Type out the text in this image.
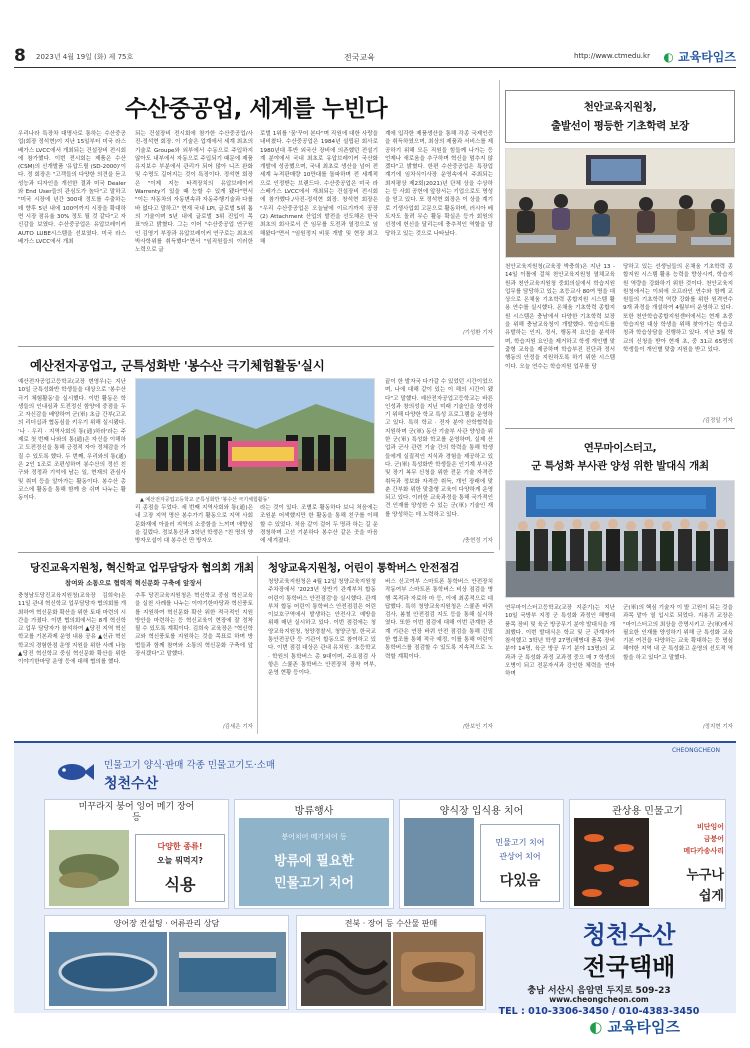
8 2023년 4월 19일 (화) 제 75호	전국교육	http://www.ctmedu.kr ◐ 교육타임즈
수산중공업, 세계를 누빈다
우리나라 특장차 대명사로 통하는 수산중공업(회장 정석현)이 지난 15일부터 미국 라스베가스 LVCC에서 개최되는 건설장비 전시회에 참가했다. 이번 전시회는 제품은 수산(CSM)의 신개발품 '유압드릴 (SD-2000)'이다. 정 회장은 "고객들의 다양한 의견을 듣고 성능과 디자인을 개선한 결과 미국 Dealer와 End User들의 관심도가 높다"고 말하고 "미국 시장에 년간 300대 정도를 수출하는데 향후 5년 내에 100여까지 시장을 확대하면 시장 점유율 30% 정도 될 것 같다"고 자신감을 보였다. 수산중공업은 유압브레이커 AUTO LUBE시스템을 선보였다. 미국 라스베가스 LVCC에서 개최
되는 건설장비 전시회에 참가한 수산중공업/사진-정석현 회장. 이 기술은 업계에서 세계 최초의 기술로 Groupe와 외부에서 수동으로 주입하지 않아도 내부에서 자동으로 주입되기 때문에 제품 유지보수 부분에서 관리가 되어 많아 니즈 완화 및 수명도 길어지는 것이 특징이다. 정석현 회장은 "이제 지능 타격장치의 유압브레이커 Warrenty기 있을 때 능할 수 있게 됐다"면서 "이는 자동차의 자동변속과 자동주행기술과 다를바 없다고 말하고" 현재 국내 LPI, 글로벌 5위 톱의 기술이며 5년 내에 글로벌 3위 진입이 목표"라고 밝혔다. 그는 이어 "수산중공업 연구원인 김영기 부장과 유압브레이커 연구로는 최초의 박사학위를 취득했다"면서 "임직원들의 이러한 노력으로 글
로벌 1위를 '꿈'꾸어 본다"며 직원에 대한 사랑을 내비쳤다. 수산중공업은 1984년 설립된 회사로 1980년대 후반 외국산 장비에 의존했던 전설기계 분야에서 국내 최초로 유압브레이커 국산화 개발에 성공했으며, 국내 최초로 생산을 넘어 전 세계 누적판매량 10만대를 돌파하며 전 세계적으로 인정받는 브랜드다. 수산중공업은 미국 라스베가스 LVCC에서 개최되는 건설장비 전시회에 참가했다./사진-정석현 회장. 창석현 회장은 "우리 수산중공업은 오늘날에 이르기까지 공장(2) Attachment 산업의 발전을 선도해온 한국 최초의 회사로서 큰 임무를 도전과 열정으로 임해왔다"면서 "임원정지 비롯 개발 및 현장 최고해
계에 입각한 제품생산을 통해 각종 국제인증을 취득하였으며, 최상의 제품과 서비스를 제공하기 위해 모든 직원들 힘들께 나가는 등 언제나 새로움을 추구하며 혁신을 멈추지 않겠다"고 밝혔다. 한편 수산중공업은 특장업계기에 임차식이사장 운영속에서 주최되는 최저평상 제2회(2021)년 단체 상을 수상하는 등 사회 공헌에 앞장서는 기업으로도 명성을 얻고 있다. 또 정석현 회장은 이 상을 계기로 기생사업회 고문으로 활동하며, 러시아 베트자도 돌려 무슨 활동 확실은 등가 회원의 선정에 헌신을 달리는데 충추적인 역할을 담당하고 있는 것으로 나타났다.
/기성환 기자
천안교육지원청,
출발선이 평등한 기초학력 보장
천안교육지원청(교육장 박충희)은 지난 13 - 14일 이틀에 걸쳐 천안교육지원청 열채교육원과 천안교육지원청 중회의실에서 학습지원 업무를 담당하고 있는 초등교사 80여 명을 대상으로 온채움 기초학력 종합지원 시스템 활용 연수를 실시했다. 온채움 기초학력 종합지원 시스템은 충남에서 다양한 기초학력 보장을 위해 충남교육청이 개발했다. 학습지도를 유발하는 인지, 정서, 행동적 요인을 분석하며, 학습지원 요인을 제거하고 학생 개인별 맞춤형 교육을 제공하며 학습부진 진단과 정서행동의 안정을 지원하도록 하기 위한 시스템이다. 오늘 연수는 학습지원 업무를 담
당하고 있는 선생님들의 온채움 기초학력 종합지원 시스템 활용 능력을 향상시켜, 학습지원 역량을 강화하기 위한 것이다. 천안교육지원청에서는 이외에 오프라인 연수와 함께 교원들의 기초학력 역량 강화를 위한 원격연수 9개 과정을 개설하여 4월부터 운영하고 있다. 또한 천안학습종합지원센터에서는 현재 초중 학습지원 대상 학생을 위해 찾아가는 학습코칭과 학습상담을 진행하고 있다. 지난 3월 학교의 신청을 받아 현재 초, 중 31교 65명의 학생들이 개인별 맞춤 지원을 받고 있다.
/김정일 기자
연무마이스터고,
군 특성화 부사관 양성 위한 발대식 개최
연무마이스터고등학교(교장 지준기)는 지난 10일 국방부 지정 군 특성화 과정인 해병대 품목 장비 및 육군 방공무기 분야 발대식을 개최했다. 이번 발대식은 학교 및 군 관계자가 참석했고 3학년 학생 27명(해병대 품목 장비 분야 14명, 육군 방공 무기 분야 13명)의 교과과 군 특성화 과정 교과정 중으 매 7 학생의 오병이 되고 전문자서과 강인한 체력을 연마하며
군(軍)의 핵심 기술자 이 밭 고원이 되는 것을 과목 맡아 열 입시로 되었다. 지용귀 교장은 "마이스터고의 최상을 증명시키고 군(軍)에서 필요한 인재를 양성하기 위해 군 특성화 교육 기본 여건을 다양하는 교육 확대하는 등 명심해야한 지역 내 군 특성화고 운영의 선도적 역할을 하고 있다"고 말했다.
/정지현 기자
예산전자공업고, 군특성화반 '봉수산 극기체험활동'실시
예산전자공업고등학교(교장 변영우)는 지난 10일 군특성화반 학생들을 대상으로 '봉수산 극기 체험활동'을 실시했다. 이번 활동은 학생들의 인내심과 도전정신 함양에 중점을 두고 자신감을 배양하여 군(軍) 초급 간부(고교의 리더십과 협동심을 키우기 위해 실시됐다. '나 · 우리 · 지역사회의 통(通)하라'라는 주제로 첫 번째 나와의 통(通)은 자신을 이해하고 도전정신을 통해 긍정적 자아 정체감을 가질 수 있도록 했다. 두 번째, 우리와의 통(通)은 2인 1조로 조편성하여 봉수산의 정선 친구와 정정과 기억에 남는 일, 현재의 관심사 및 취미 등을 알아가는 활동이다. 봉수산 총 코스에 활동을 통해 함께 숨 쉬며 나누는 활동이다.	▲ 예산전자공업고등학교 군특성화반 '봉수산 극기체험활동'
리 종점을 두었다. 세 번째 지역사회와 통(通)은 내 고장 지역 명산 봉수가기 활동으로 지역 사회문화재에 아울러 지역의 소중함을 느끼며 애향심을 길렀다. 정보통신과 3학년 학생은 "친 명의 양 방자오설이 대 봉수산 만 방자오
라는 것이 있다. 조별로 활동하다 보니 처음에는 조원분 어색했지만 한 활동을 통해 친구를 이해할 수 있었다. 처음 같이 걸어 두 명과 하는 길 운 경청하며 고선 기분하다 봉수산 같은 곳을 마음에 새겨졌다.
끝이 한 발자국 다가갈 수 있었던 시간이었으며, 나에 대해 같이 있는 이 해의 시간이 됐다"고 말했다. 예산전자공업고등학교는 바른 인성과 창의성을 지닌 미래 기술인을 양성하기 위해 다양한 학교 특성 프로그램을 운영하고 있다. 특히 학교 · 전자 분야 산학협력을 지원하며 군(軍) 동산 기술부 사관 양성을 위한 군(軍) 특성화 학교를 운영하며, 실제 산업과 군사 관련 기술 간의 학력을 통해 학생들에게 실질적인 지식과 경험을 제공하고 있다. 군(軍) 특성화반 학생들은 인기계 부사관 및 장기 복무 신청을 위한 전문 기술 자격증 취득과 정보화 자격증 취득, 개인 장래에 맞춘 간부화 위한 맞춤형 교육이 다양하게 운영되고 있다. 이러한 교육과정을 통해 국가적인 견 인재를 양성한 수 있는 군(軍) 기술인 재를 양성하는 데 노력하고 있다.
/충현정 기자
당진교육지원청, 혁신학교 업무담당자 협의회 개최
참여와 소통으로 협력적 혁신문화 구축에 앞장서
충청남도당진교육지원청(교육장 김희숙)은 11일 관내 혁신학교 업무담당자 협의회를 개최하여 혁신문화 확산을 위한 토대 마련의 시간을 가졌다. 이번 협의회에서는 8개 혁신학교 업무 담당자가 참석하여 ▲당진 지역 혁신학교를 기본과제 운영 내용 공유 ▲신규 혁신학교의 경험한점 운영 지원을 위한 사례 나눔 ▲당진 혁신학교 중심 혁신문화 확산을 위한 이야기한마당 운영 등에 대해 협의를 했다.
추후 당진교육지원청은 혁신학교 중심 혁신교육을 실천 사례를 나누는 이야기한마당과 혁신풍토를 지원하여 혁신문화 확산 위한 적극적인 지원 방안을 마련하는 등 혁신교육이 현장에 잘 정착될 수 있도록 계획이다. 김희숙 교육장은 "혁신학교와 혁신풍토를 지원하는 것을 목표로 하며 방법들과 함께 참여와 소통의 혁신문화 구축에 앞장서겠다"고 말했다.
/김세은 기자
청양교육지원청, 어린이 통학버스 안전점검
청양교육지원청은 4월 12일 청양교육지원청 주차장에서 '2023년 상반기 관계부처 합동 어린이 통학버스 안전점검'을 실시했다. 관계부처 합동 어린이 통학버스 안전점검은 어린이보호구역에서 발생하는 안전사고 예방을 위해 매년 실시하고 있다. 이번 점검에는 청양교육지원청, 청양경찰서, 청양군청, 한국교통안전공단 등 기관이 합동으로 참여하고 있다. 이번 점검 대상은 관내 유치원 · 초등학교 · 학원의 통학버스 총 9대이며, 주요점검 사항은 스쿨존 통학버스 안전장치 장착 여부, 운영 현황 등이다.
버스 신고여부 스마트폰 통학버스 안전장치 작동여부 스마트폰 통학버스 비상 점검을 병행 목적과 자료하 마 등, 이에 최종적으로 대답했다. 특히 청양교육지원청은 스쿨존 바퀴 검사, 봄철 안전점검 지도 등을 통해 실시하였다. 또한 이번 점검에 대해 이번 관계한 관계 기관은 연장 바퀴 안전 점검을 통해 긴밀한 협조를 통해 적극 예정, 이를 통해 어린이 통학버스를 점검할 수 있도록 지속적으로 노력할 계획이다.
/한보인 기자
CHEONGCHEON
민물고기 양식·판매 각종 민물고기도·소매
청천수산
미꾸라지 붕어 잉어 메기 장어 등
다양한 종류!
오늘 뭐먹지?
식용
방류행사
붕어치어 메기치어 등
방류에 필요한
민물고기 치어
양식장 입식용 치어
민물고기 치어
관상어 치어
다있음
관상용 민물고기
비단잉어
금붕어
메다카송사리
누구나
쉽게
양어장 컨설팅 · 어류관리 상담	전북 · 장어 등 수산물 판매	청천수산
전국택배
충남 서산시 음암면 두지로 509-23
www.cheongcheon.com
TEL : 010-3306-3450 / 010-4383-3450
◐ 교육타임즈
